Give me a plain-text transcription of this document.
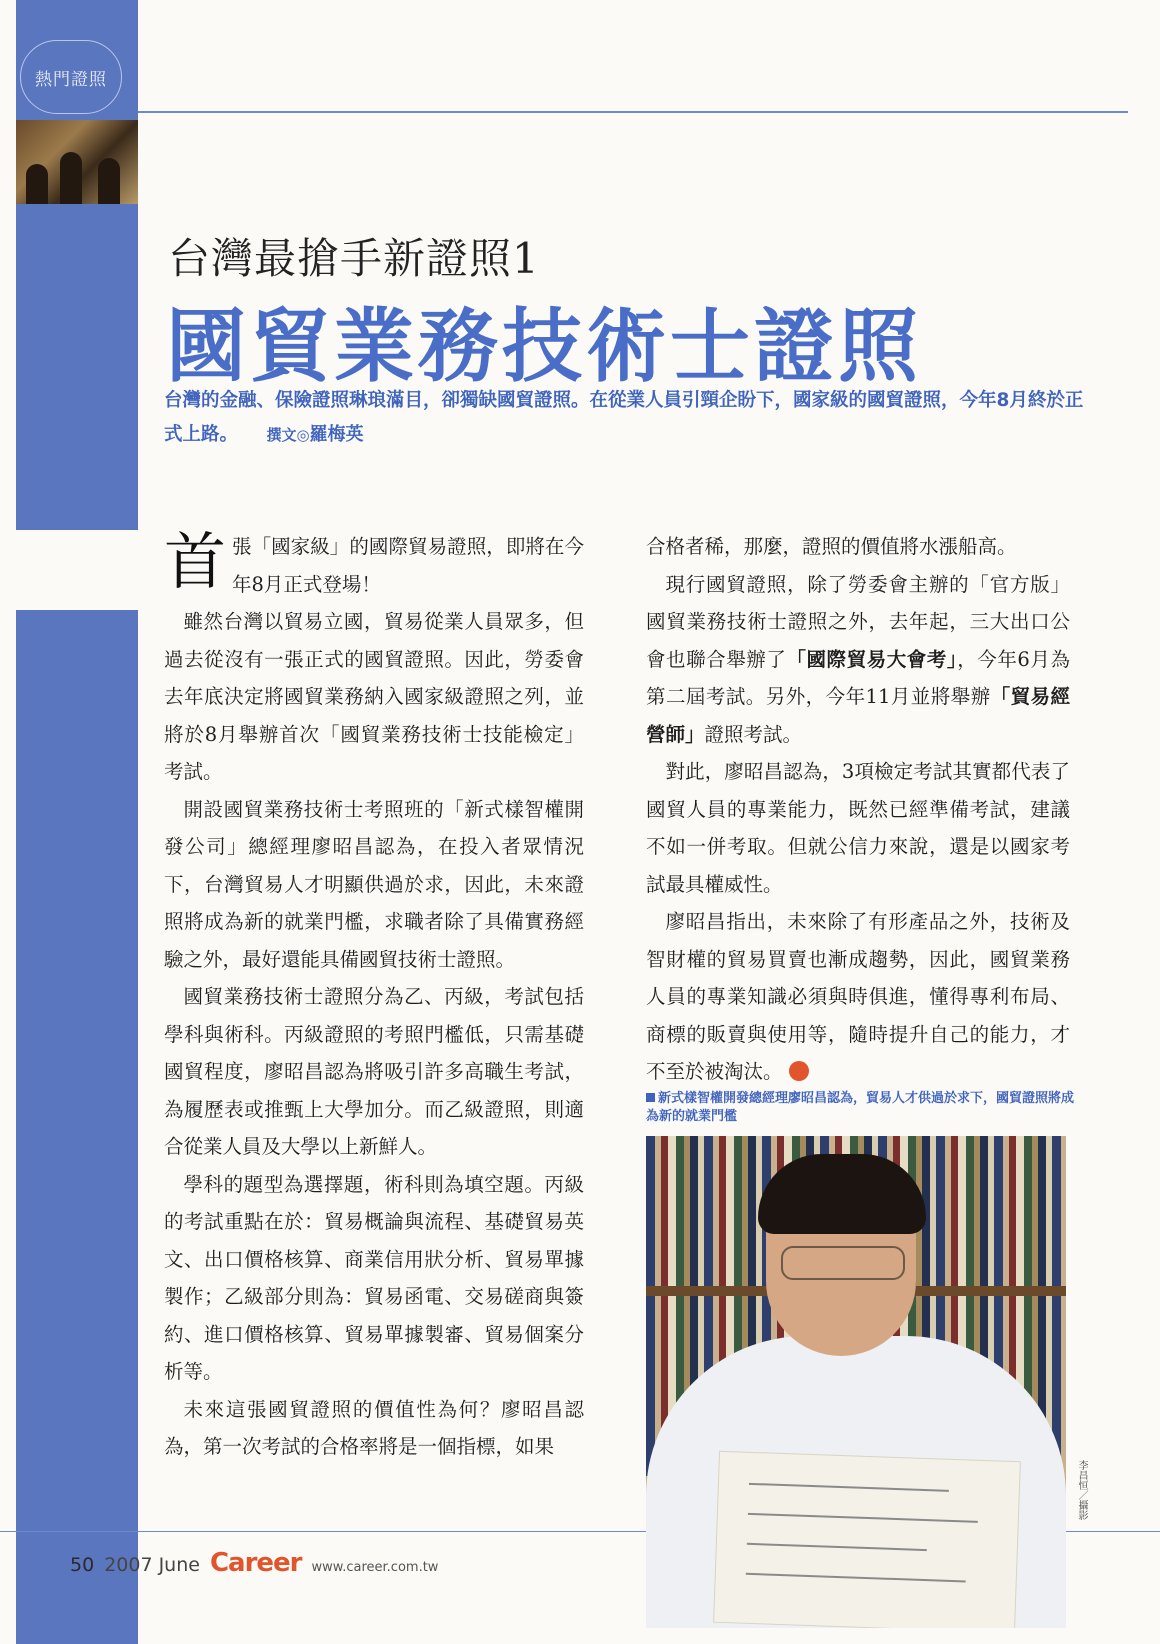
熱門證照
台灣最搶手新證照1
國貿業務技術士證照
台灣的金融、保險證照琳琅滿目，卻獨缺國貿證照。在從業人員引頸企盼下，國家級的國貿證照，今年8月終於正式上路。 撰文◎羅梅英

首張「國家級」的國際貿易證照，即將在今年8月正式登場！

雖然台灣以貿易立國，貿易從業人員眾多，但過去從沒有一張正式的國貿證照。因此，勞委會去年底決定將國貿業務納入國家級證照之列，並將於8月舉辦首次「國貿業務技術士技能檢定」考試。

開設國貿業務技術士考照班的「新式樣智權開發公司」總經理廖昭昌認為，在投入者眾情況下，台灣貿易人才明顯供過於求，因此，未來證照將成為新的就業門檻，求職者除了具備實務經驗之外，最好還能具備國貿技術士證照。

國貿業務技術士證照分為乙、丙級，考試包括學科與術科。丙級證照的考照門檻低，只需基礎國貿程度，廖昭昌認為將吸引許多高職生考試，為履歷表或推甄上大學加分。而乙級證照，則適合從業人員及大學以上新鮮人。

學科的題型為選擇題，術科則為填空題。丙級的考試重點在於：貿易概論與流程、基礎貿易英文、出口價格核算、商業信用狀分析、貿易單據製作；乙級部分則為：貿易函電、交易磋商與簽約、進口價格核算、貿易單據製審、貿易個案分析等。

未來這張國貿證照的價值性為何？廖昭昌認為，第一次考試的合格率將是一個指標，如果

合格者稀，那麼，證照的價值將水漲船高。

現行國貿證照，除了勞委會主辦的「官方版」國貿業務技術士證照之外，去年起，三大出口公會也聯合舉辦了「國際貿易大會考」，今年6月為第二屆考試。另外，今年11月並將舉辦「貿易經營師」證照考試。

對此，廖昭昌認為，3項檢定考試其實都代表了國貿人員的專業能力，既然已經準備考試，建議不如一併考取。但就公信力來說，還是以國家考試最具權威性。

廖昭昌指出，未來除了有形產品之外，技術及智財權的貿易買賣也漸成趨勢，因此，國貿業務人員的專業知識必須與時俱進，懂得專利布局、商標的販賣與使用等，隨時提升自己的能力，才不至於被淘汰。

新式樣智權開發總經理廖昭昌認為，貿易人才供過於求下，國貿證照將成為新的就業門檻
李昌恒／攝影
50 2007 June Career www.career.com.tw
